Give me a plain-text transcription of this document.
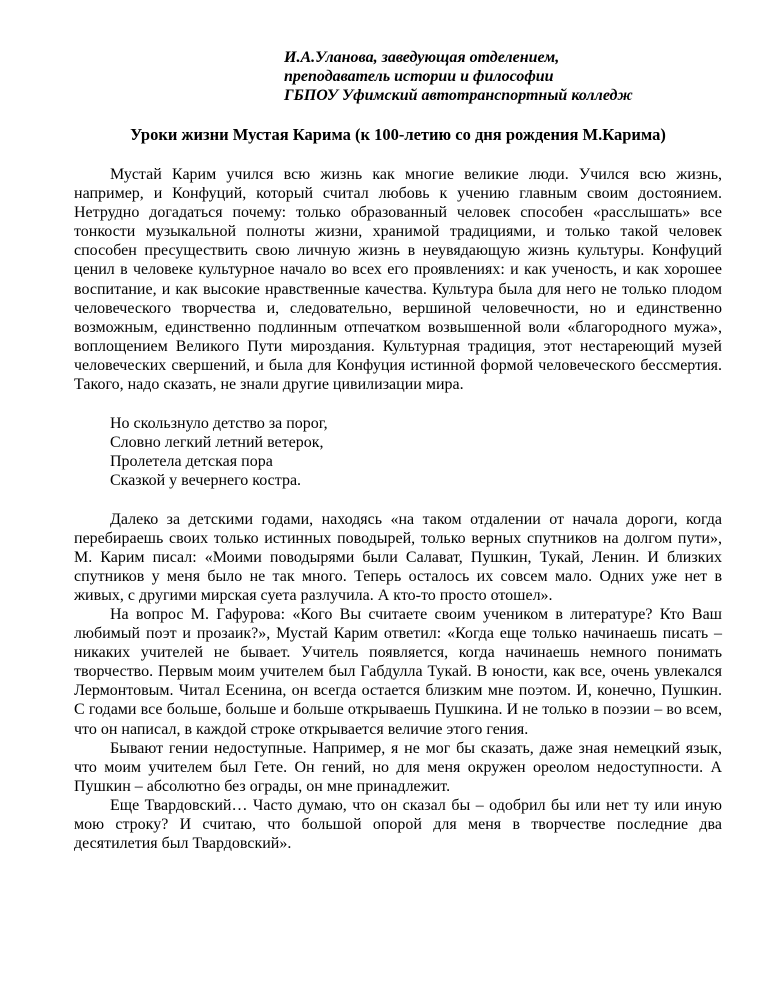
И.А.Уланова, заведующая отделением,
преподаватель истории и философии
ГБПОУ Уфимский автотранспортный колледж
Уроки жизни Мустая Карима (к 100-летию со дня рождения М.Карима)

Мустай Карим учился всю жизнь как многие великие люди. Учился всю жизнь, например, и Конфуций, который считал любовь к учению главным своим достоянием. Нетрудно догадаться почему: только образованный человек способен «расслышать» все тонкости музыкальной полноты жизни, хранимой традициями, и только такой человек способен пресуществить свою личную жизнь в неувядающую жизнь культуры. Конфуций ценил в человеке культурное начало во всех его проявлениях: и как ученость, и как хорошее воспитание, и как высокие нравственные качества. Культура была для него не только плодом человеческого творчества и, следовательно, вершиной человечности, но и единственно возможным, единственно подлинным отпечатком возвышенной воли «благородного мужа», воплощением Великого Пути мироздания. Культурная традиция, этот нестареющий музей человеческих свершений, и была для Конфуция истинной формой человеческого бессмертия. Такого, надо сказать, не знали другие цивилизации мира.

Но скользнуло детство за порог,
Словно легкий летний ветерок,
Пролетела детская пора
Сказкой у вечернего костра.

Далеко за детскими годами, находясь «на таком отдалении от начала дороги, когда перебираешь своих только истинных поводырей, только верных спутников на долгом пути», М. Карим писал: «Моими поводырями были Салават, Пушкин, Тукай, Ленин. И близких спутников у меня было не так много. Теперь осталось их совсем мало. Одних уже нет в живых, с другими мирская суета разлучила. А кто-то просто отошел».

На вопрос М. Гафурова: «Кого Вы считаете своим учеником в литературе? Кто Ваш любимый поэт и прозаик?», Мустай Карим ответил: «Когда еще только начинаешь писать – никаких учителей не бывает. Учитель появляется, когда начинаешь немного понимать творчество. Первым моим учителем был Габдулла Тукай. В юности, как все, очень увлекался Лермонтовым. Читал Есенина, он всегда остается близким мне поэтом. И, конечно, Пушкин. С годами все больше, больше и больше открываешь Пушкина. И не только в поэзии – во всем, что он написал, в каждой строке открывается величие этого гения.

Бывают гении недоступные. Например, я не мог бы сказать, даже зная немецкий язык, что моим учителем был Гете. Он гений, но для меня окружен ореолом недоступности. А Пушкин – абсолютно без ограды, он мне принадлежит.

Еще Твардовский… Часто думаю, что он сказал бы – одобрил бы или нет ту или иную мою строку? И считаю, что большой опорой для меня в творчестве последние два десятилетия был Твардовский».
